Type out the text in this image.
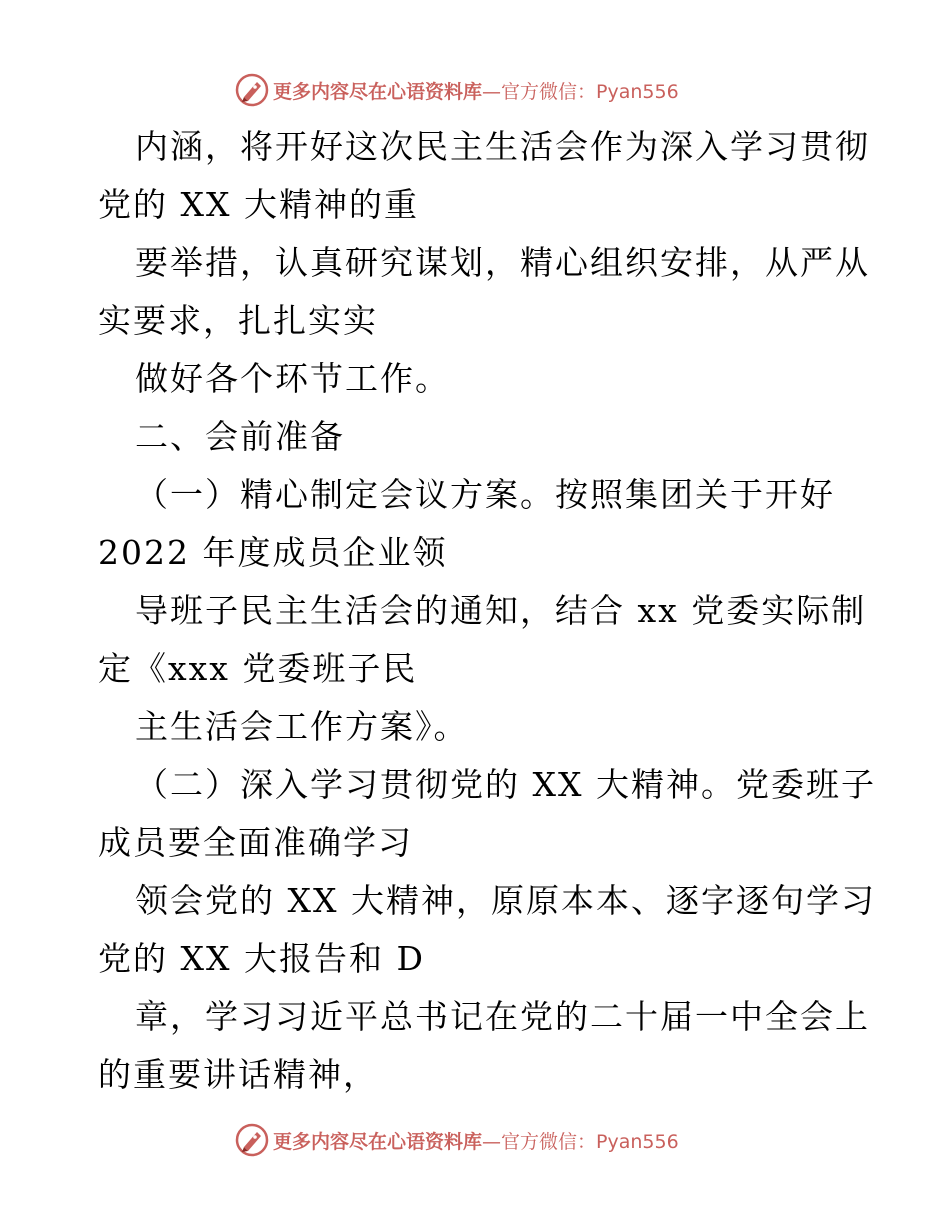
更多内容尽在心语资料库—官方微信：Pyan556
内涵，将开好这次民主生活会作为深入学习贯彻
党的 XX 大精神的重
要举措，认真研究谋划，精心组织安排，从严从
实要求，扎扎实实
做好各个环节工作。
二、会前准备
（一）精心制定会议方案。按照集团关于开好
2022 年度成员企业领
导班子民主生活会的通知，结合 xx 党委实际制
定《xxx 党委班子民
主生活会工作方案》。
（二）深入学习贯彻党的 XX 大精神。党委班子
成员要全面准确学习
领会党的 XX 大精神，原原本本、逐字逐句学习
党的 XX 大报告和 D
章，学习习近平总书记在党的二十届一中全会上
的重要讲话精神，
更多内容尽在心语资料库—官方微信：Pyan556
